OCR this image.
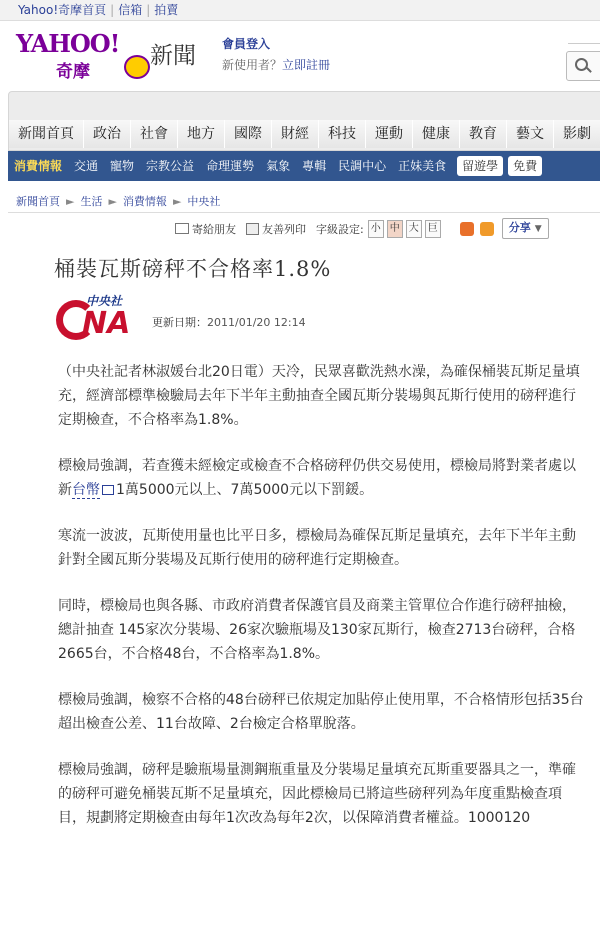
Yahoo!奇摩首頁 | 信箱 | 拍賣
YAHOO!
奇摩
新聞 會員登入
新使用者？立即註冊
新聞首頁	政治	社會	地方	國際	財經	科技	運動	健康	教育	藝文	影劇
消費情報	交通	寵物	宗教公益	命理運勢	氣象	專輯	民調中心	正妹美食	留遊學	免費
新聞首頁 ► 生活 ► 消費情報 ► 中央社
寄給朋友 友善列印 字級設定: 小 中 大 巨	分享 ▼
桶裝瓦斯磅秤不合格率1.8%
NA
中央社
更新日期：2011/01/20 12:14

（中央社記者林淑媛台北20日電）天冷，民眾喜歡洗熱水澡，為確保桶裝瓦斯足量填充，經濟部標準檢驗局去年下半年主動抽查全國瓦斯分裝場與瓦斯行使用的磅秤進行定期檢查，不合格率為1.8%。

標檢局強調，若查獲未經檢定或檢查不合格磅秤仍供交易使用，標檢局將對業者處以新台幣 1萬5000元以上、7萬5000元以下罰鍰。

寒流一波波，瓦斯使用量也比平日多，標檢局為確保瓦斯足量填充，去年下半年主動針對全國瓦斯分裝場及瓦斯行使用的磅秤進行定期檢查。

同時，標檢局也與各縣、市政府消費者保護官員及商業主管單位合作進行磅秤抽檢，總計抽查 145家次分裝場、26家次驗瓶場及130家瓦斯行，檢查2713台磅秤，合格2665台，不合格48台，不合格率為1.8%。

標檢局強調，檢察不合格的48台磅秤已依規定加貼停止使用單，不合格情形包括35台超出檢查公差、11台故障、2台檢定合格單脫落。

標檢局強調，磅秤是驗瓶場量測鋼瓶重量及分裝場足量填充瓦斯重要器具之一，準確的磅秤可避免桶裝瓦斯不足量填充，因此標檢局已將這些磅秤列為年度重點檢查項目，規劃將定期檢查由每年1次改為每年2次，以保障消費者權益。1000120
